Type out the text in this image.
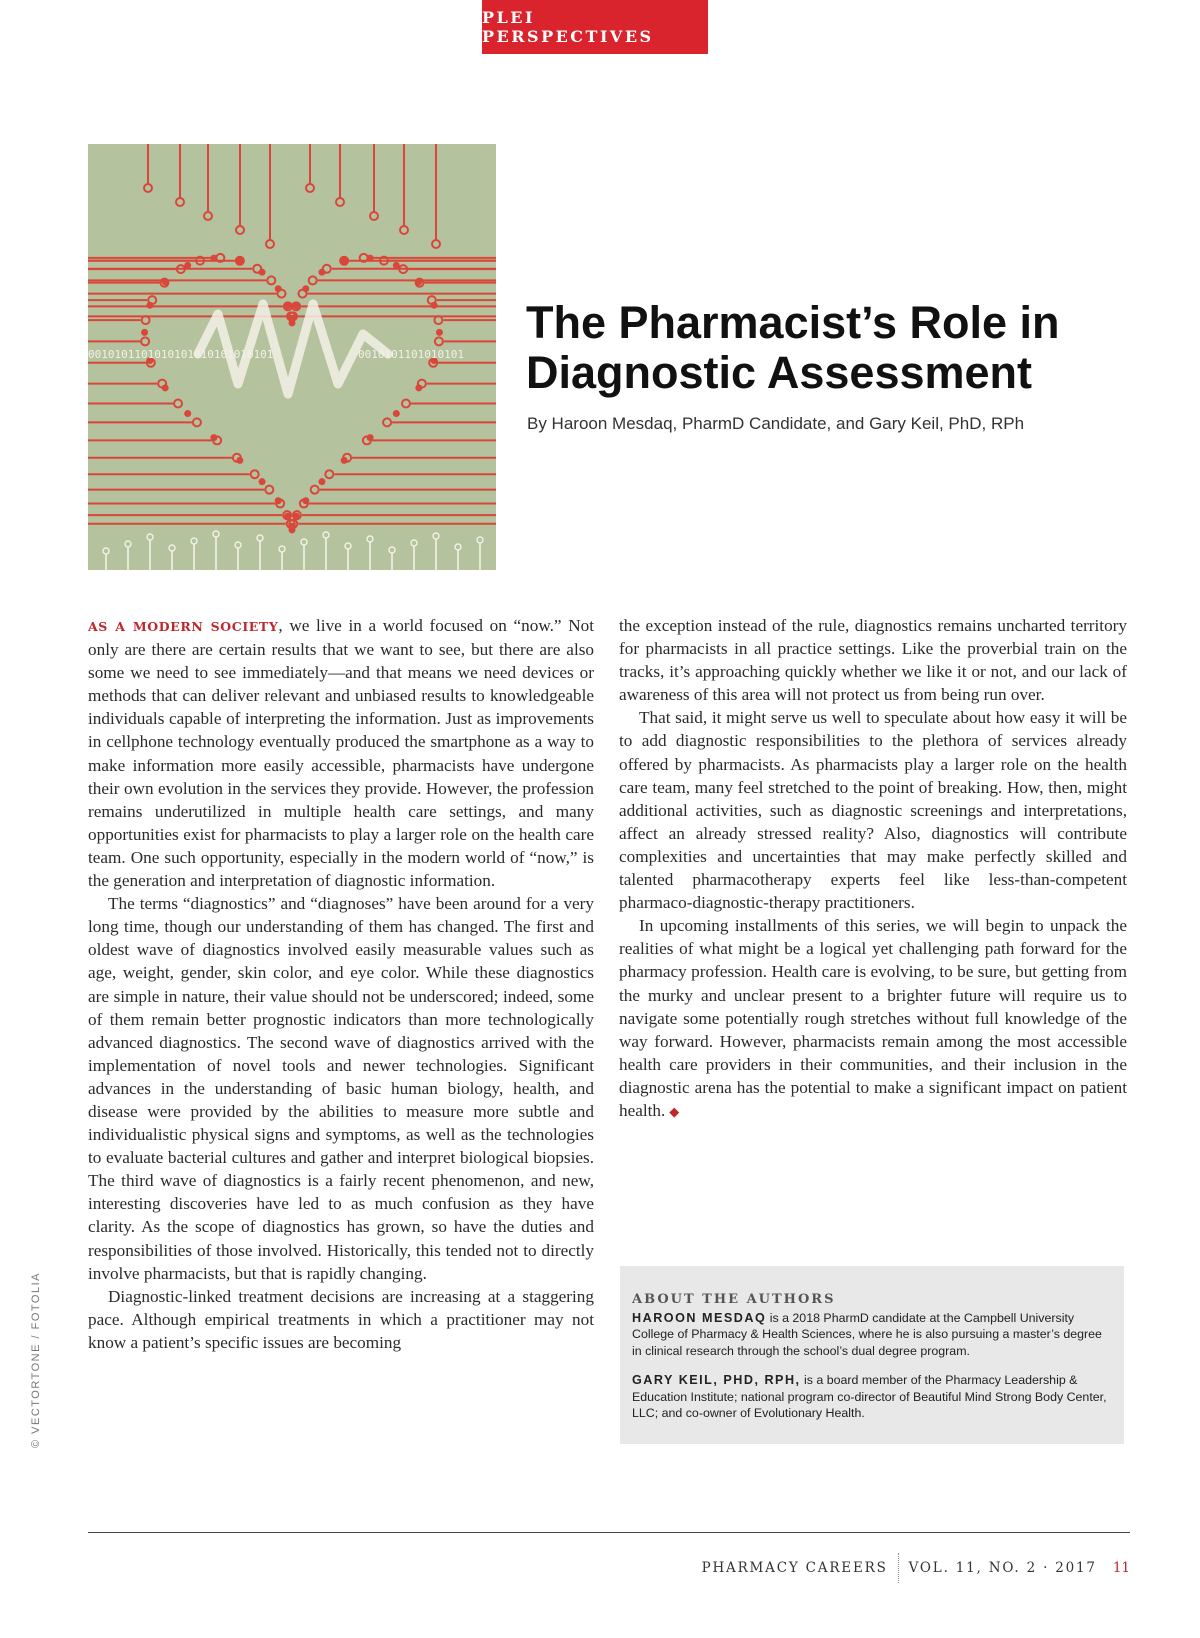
PLEI PERSPECTIVES
0010101101010101010101010101	0010101101010101
© VECTORTONE / FOTOLIA
The Pharmacist’s Role in
Diagnostic Assessment
By Haroon Mesdaq, PharmD Candidate, and Gary Keil, PhD, RPh

AS A MODERN SOCIETY, we live in a world focused on “now.” Not only are there are certain results that we want to see, but there are also some we need to see immediately—and that means we need devices or methods that can deliver relevant and unbiased results to knowledgeable individuals capable of interpreting the information. Just as improvements in cellphone technology eventually produced the smartphone as a way to make information more easily accessible, pharmacists have undergone their own evolution in the services they provide. However, the profession remains underutilized in multiple health care settings, and many opportunities exist for pharmacists to play a larger role on the health care team. One such opportunity, especially in the modern world of “now,” is the generation and interpretation of diagnostic information.

The terms “diagnostics” and “diagnoses” have been around for a very long time, though our understanding of them has changed. The first and oldest wave of diagnostics involved easily measurable values such as age, weight, gender, skin color, and eye color. While these diagnostics are simple in nature, their value should not be underscored; indeed, some of them remain better prognostic indicators than more technologically advanced diagnostics. The second wave of diagnostics arrived with the implementation of novel tools and newer technologies. Significant advances in the understanding of basic human biology, health, and disease were provided by the abilities to measure more subtle and individualistic physical signs and symptoms, as well as the technologies to evaluate bacterial cultures and gather and interpret biological biopsies. The third wave of diagnostics is a fairly recent phenomenon, and new, interesting discoveries have led to as much confusion as they have clarity. As the scope of diagnostics has grown, so have the duties and responsibilities of those involved. Historically, this tended not to directly involve pharmacists, but that is rapidly changing.

Diagnostic-linked treatment decisions are increasing at a staggering pace. Although empirical treatments in which a practitioner may not know a patient’s specific issues are becoming

the exception instead of the rule, diagnostics remains uncharted territory for pharmacists in all practice settings. Like the proverbial train on the tracks, it’s approaching quickly whether we like it or not, and our lack of awareness of this area will not protect us from being run over.

That said, it might serve us well to speculate about how easy it will be to add diagnostic responsibilities to the plethora of services already offered by pharmacists. As pharmacists play a larger role on the health care team, many feel stretched to the point of breaking. How, then, might additional activities, such as diagnostic screenings and interpretations, affect an already stressed reality? Also, diagnostics will contribute complexities and uncertainties that may make perfectly skilled and talented pharmacotherapy experts feel like less-than-competent pharmaco-diagnostic-therapy practitioners.

In upcoming installments of this series, we will begin to unpack the realities of what might be a logical yet challenging path forward for the pharmacy profession. Health care is evolving, to be sure, but getting from the murky and unclear present to a brighter future will require us to navigate some potentially rough stretches without full knowledge of the way forward. However, pharmacists remain among the most accessible health care providers in their communities, and their inclusion in the diagnostic arena has the potential to make a significant impact on patient health. ◆

ABOUT THE AUTHORS

HAROON MESDAQ is a 2018 PharmD candidate at the Campbell University College of Pharmacy & Health Sciences, where he is also pursuing a master’s degree in clinical research through the school’s dual degree program.

GARY KEIL, PHD, RPH, is a board member of the Pharmacy Leadership & Education Institute; national program co-director of Beautiful Mind Strong Body Center, LLC; and co-owner of Evolutionary Health.

PHARMACY CAREERS VOL. 11, NO. 2 · 2017 11
